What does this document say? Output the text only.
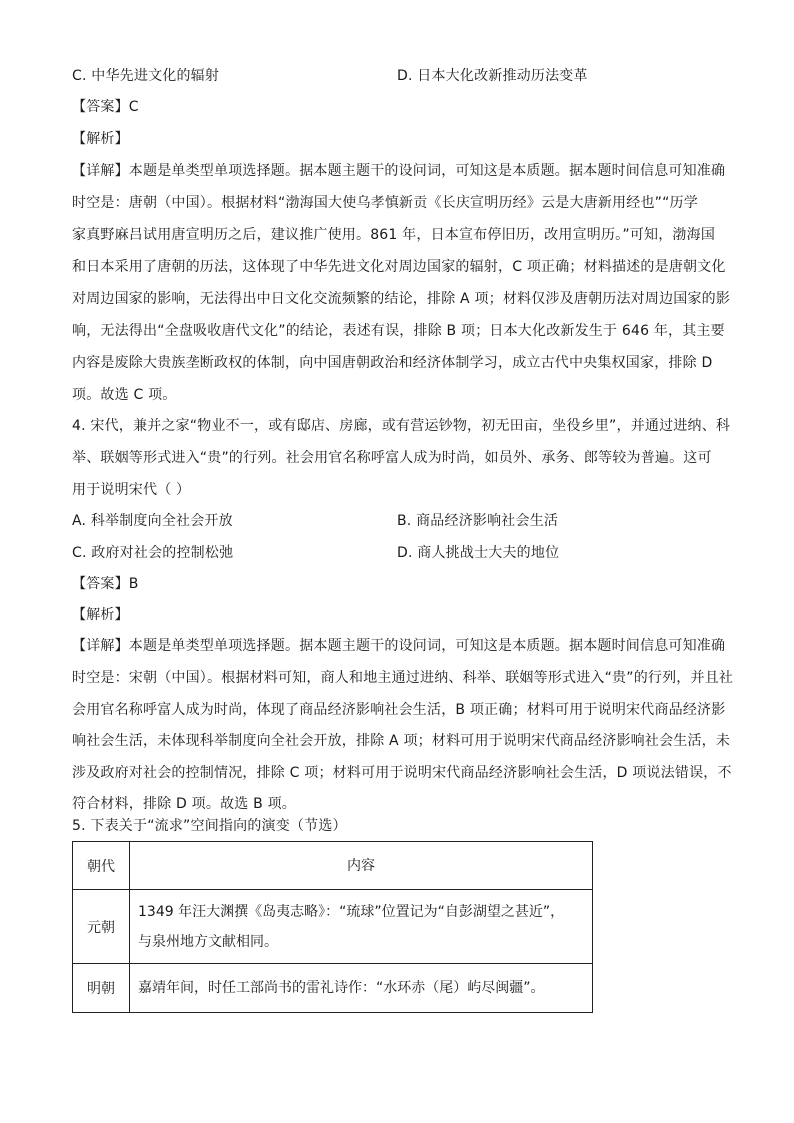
C. 中华先进文化的辐射	D. 日本大化改新推动历法变革
【答案】C
【解析】
【详解】本题是单类型单项选择题。据本题主题干的设问词，可知这是本质题。据本题时间信息可知准确
时空是：唐朝（中国）。根据材料“渤海国大使乌孝慎新贡《长庆宣明历经》云是大唐新用经也”“历学
家真野麻吕试用唐宣明历之后，建议推广使用。861 年，日本宣布停旧历，改用宣明历。”可知，渤海国
和日本采用了唐朝的历法，这体现了中华先进文化对周边国家的辐射，C 项正确；材料描述的是唐朝文化
对周边国家的影响，无法得出中日文化交流频繁的结论，排除 A 项；材料仅涉及唐朝历法对周边国家的影
响，无法得出“全盘吸收唐代文化”的结论，表述有误，排除 B 项；日本大化改新发生于 646 年，其主要
内容是废除大贵族垄断政权的体制，向中国唐朝政治和经济体制学习，成立古代中央集权国家，排除 D
项。故选 C 项。
4. 宋代，兼并之家“物业不一，或有邸店、房廊，或有营运钞物，初无田亩，坐役乡里”，并通过进纳、科
举、联姻等形式进入“贵”的行列。社会用官名称呼富人成为时尚，如员外、承务、郎等较为普遍。这可
用于说明宋代（ ）
A. 科举制度向全社会开放	B. 商品经济影响社会生活
C. 政府对社会的控制松弛	D. 商人挑战士大夫的地位
【答案】B
【解析】
【详解】本题是单类型单项选择题。据本题主题干的设问词，可知这是本质题。据本题时间信息可知准确
时空是：宋朝（中国）。根据材料可知，商人和地主通过进纳、科举、联姻等形式进入“贵”的行列，并且社
会用官名称呼富人成为时尚，体现了商品经济影响社会生活，B 项正确；材料可用于说明宋代商品经济影
响社会生活，未体现科举制度向全社会开放，排除 A 项；材料可用于说明宋代商品经济影响社会生活，未
涉及政府对社会的控制情况，排除 C 项；材料可用于说明宋代商品经济影响社会生活，D 项说法错误，不
符合材料，排除 D 项。故选 B 项。
5. 下表关于“流求”空间指向的演变（节选）
朝代	内容
元朝	1349 年汪大渊撰《岛夷志略》：“琉球”位置记为“自彭湖望之甚近”，
与泉州地方文献相同。

明朝	嘉靖年间，时任工部尚书的雷礼诗作：“水环赤（尾）屿尽闽疆”。
